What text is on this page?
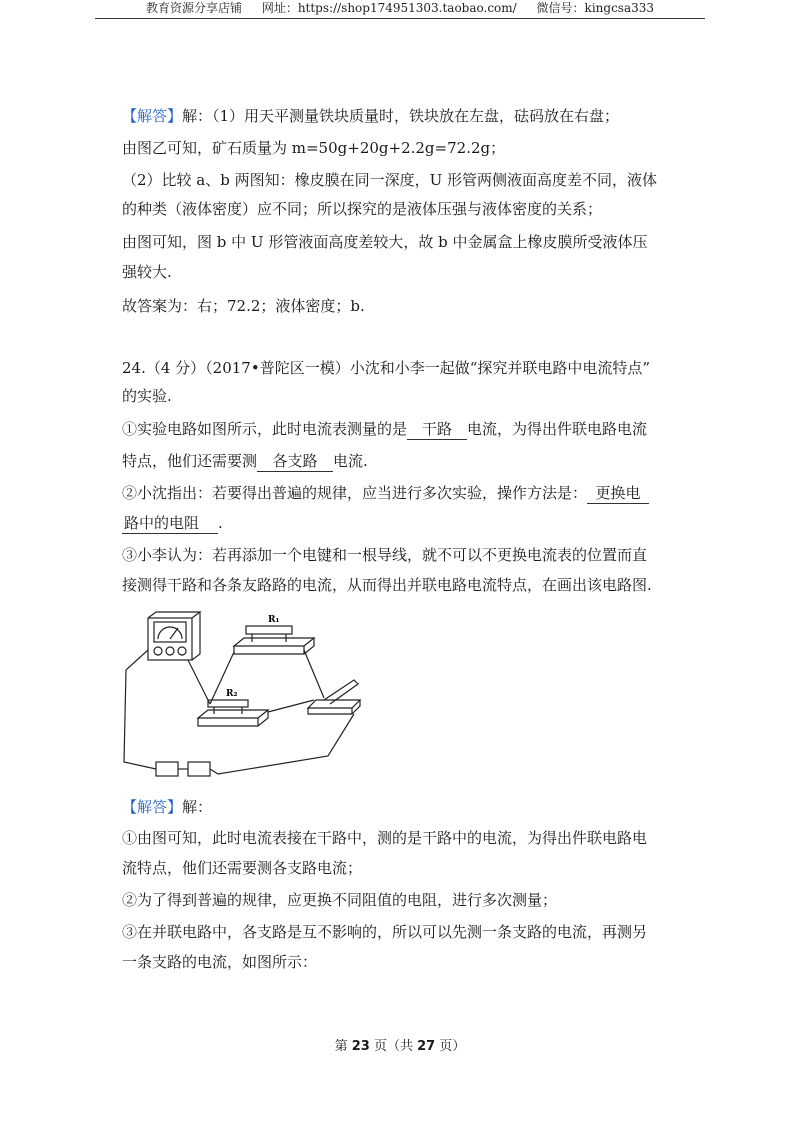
教育资源分享店铺 网址：https://shop174951303.taobao.com/ 微信号：kingcsa333
【解答】解：（1）用天平测量铁块质量时，铁块放在左盘，砝码放在右盘；
由图乙可知，矿石质量为 m=50g+20g+2.2g=72.2g；
（2）比较 a、b 两图知：橡皮膜在同一深度，U 形管两侧液面高度差不同，液体
的种类（液体密度）应不同；所以探究的是液体压强与液体密度的关系；
由图可知，图 b 中 U 形管液面高度差较大，故 b 中金属盒上橡皮膜所受液体压
强较大.
故答案为：右；72.2；液体密度；b.
24.（4 分）（2017•普陀区一模）小沈和小李一起做“探究并联电路中电流特点”
的实验.
①实验电路如图所示，此时电流表测量的是 干路 电流，为得出件联电路电流
特点，他们还需要测 各支路 电流.
②小沈指出：若要得出普遍的规律，应当进行多次实验，操作方法是： 更换电
路中的电阻 .
③小李认为：若再添加一个电键和一根导线，就不可以不更换电流表的位置而直
接测得干路和各条友路路的电流，从而得出并联电路电流特点，在画出该电路图.
R₁
R₂
【解答】解：
①由图可知，此时电流表接在干路中，测的是干路中的电流，为得出件联电路电
流特点，他们还需要测各支路电流；
②为了得到普遍的规律，应更换不同阻值的电阻，进行多次测量；
③在并联电路中，各支路是互不影响的，所以可以先测一条支路的电流，再测另
一条支路的电流，如图所示：
第 23 页（共 27 页）
